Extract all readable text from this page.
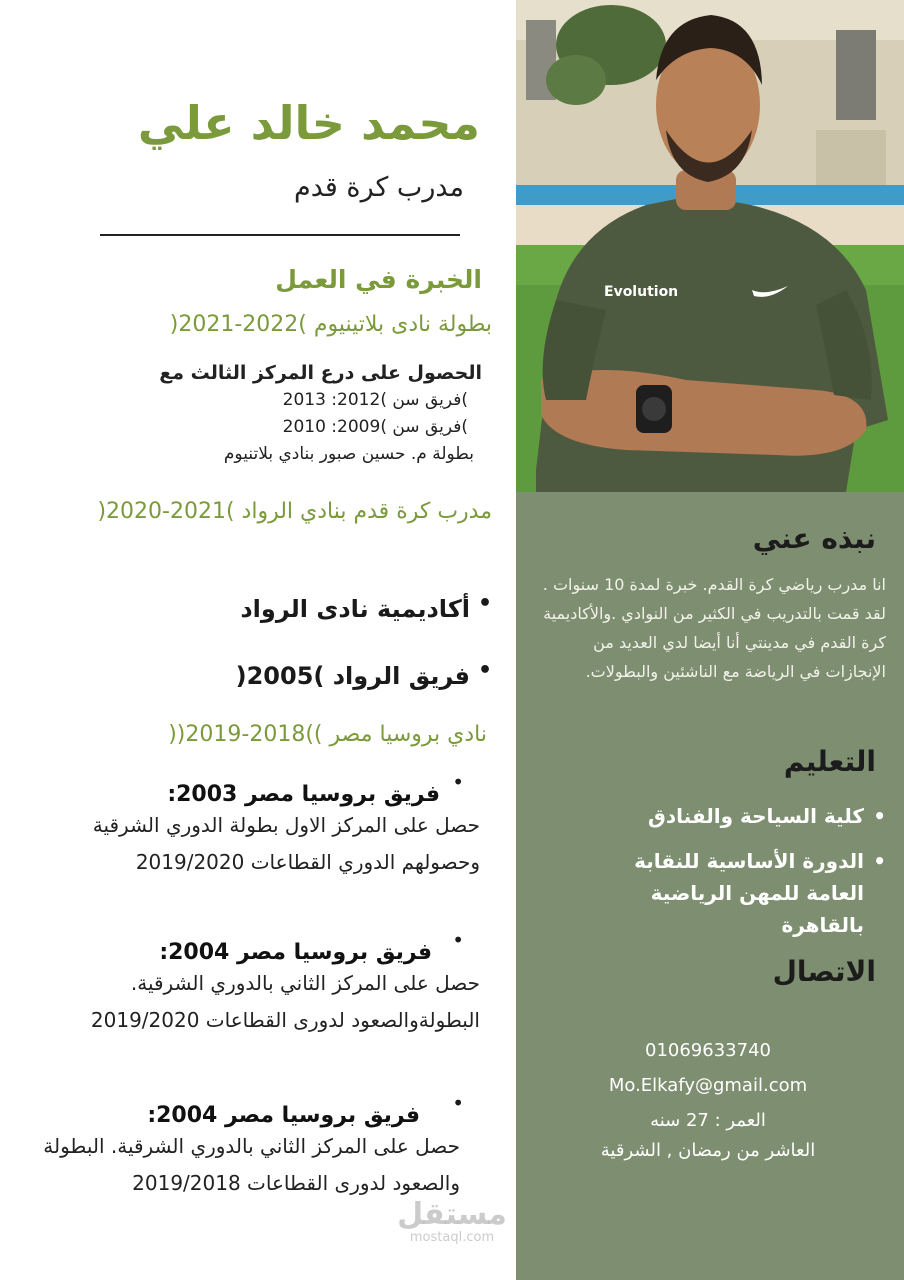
محمد خالد علي
مدرب كرة قدم
الخبرة في العمل
بطولة نادى بلاتينيوم )2022-2021(
الحصول على درع المركز الثالث مع
)فريق سن )2012: 2013
)فريق سن )2009: 2010
بطولة م. حسين صبور بنادي بلاتنيوم
مدرب كرة قدم بنادي الرواد )2021-2020(
أكاديمية نادى الرواد •
فريق الرواد )2005( •
نادي بروسيا مصر ))2018-2019((
•
فريق بروسيا مصر 2003:
حصل على المركز الاول بطولة الدوري الشرقية وحصولهم الدوري القطاعات 2019/2020
•
فريق بروسيا مصر 2004:
حصل على المركز الثاني بالدوري الشرقية. البطولةوالصعود لدورى القطاعات 2019/2020
•
فريق بروسيا مصر 2004:
حصل على المركز الثاني بالدوري الشرقية. البطولة والصعود لدورى القطاعات 2019/2018
Evolution
نبذه عني
انا مدرب رياضي كرة القدم. خبرة لمدة 10 سنوات . لقد قمت بالتدريب في الكثير من النوادي .والأكاديمية كرة القدم في مدينتي أنا أيضا لدي العديد من الإنجازات في الرياضة مع الناشئين والبطولات.
التعليم
كلية السياحة والفنادق •
الدورة الأساسية للنقابة العامة للمهن الرياضية بالقاهرة •
الاتصال
01069633740
Mo.Elkafy@gmail.com
العمر : 27 سنه
العاشر من رمضان , الشرقية
مستقل
mostaql.com
